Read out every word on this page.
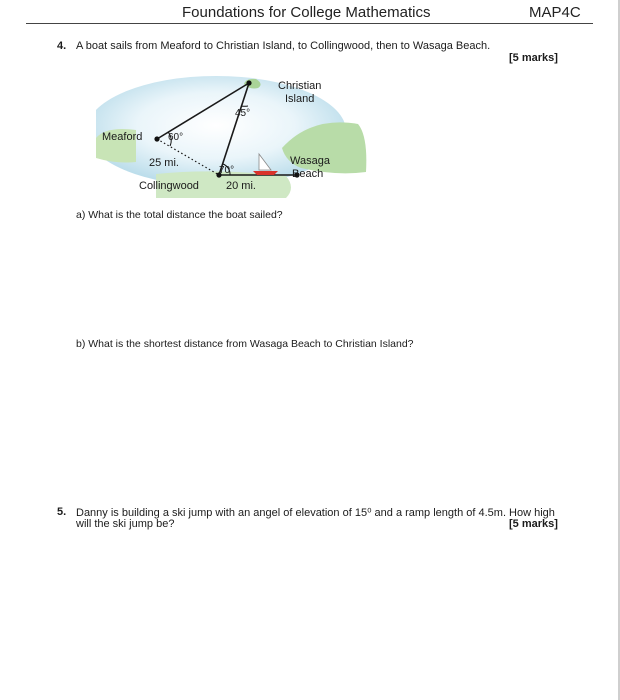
Foundations for College Mathematics	MAP4C
4. A boat sails from Meaford to Christian Island, to Collingwood, then to Wasaga Beach.
[5 marks]
Christian
Island
45°
Meaford	60°
25 mi.
70°
Wasaga
Beach
Collingwood 20 mi.
a) What is the total distance the boat sailed?
b) What is the shortest distance from Wasaga Beach to Christian Island?
5. Danny is building a ski jump with an angel of elevation of 15⁰ and a ramp length of 4.5m. How high
will the ski jump be?	[5 marks]
